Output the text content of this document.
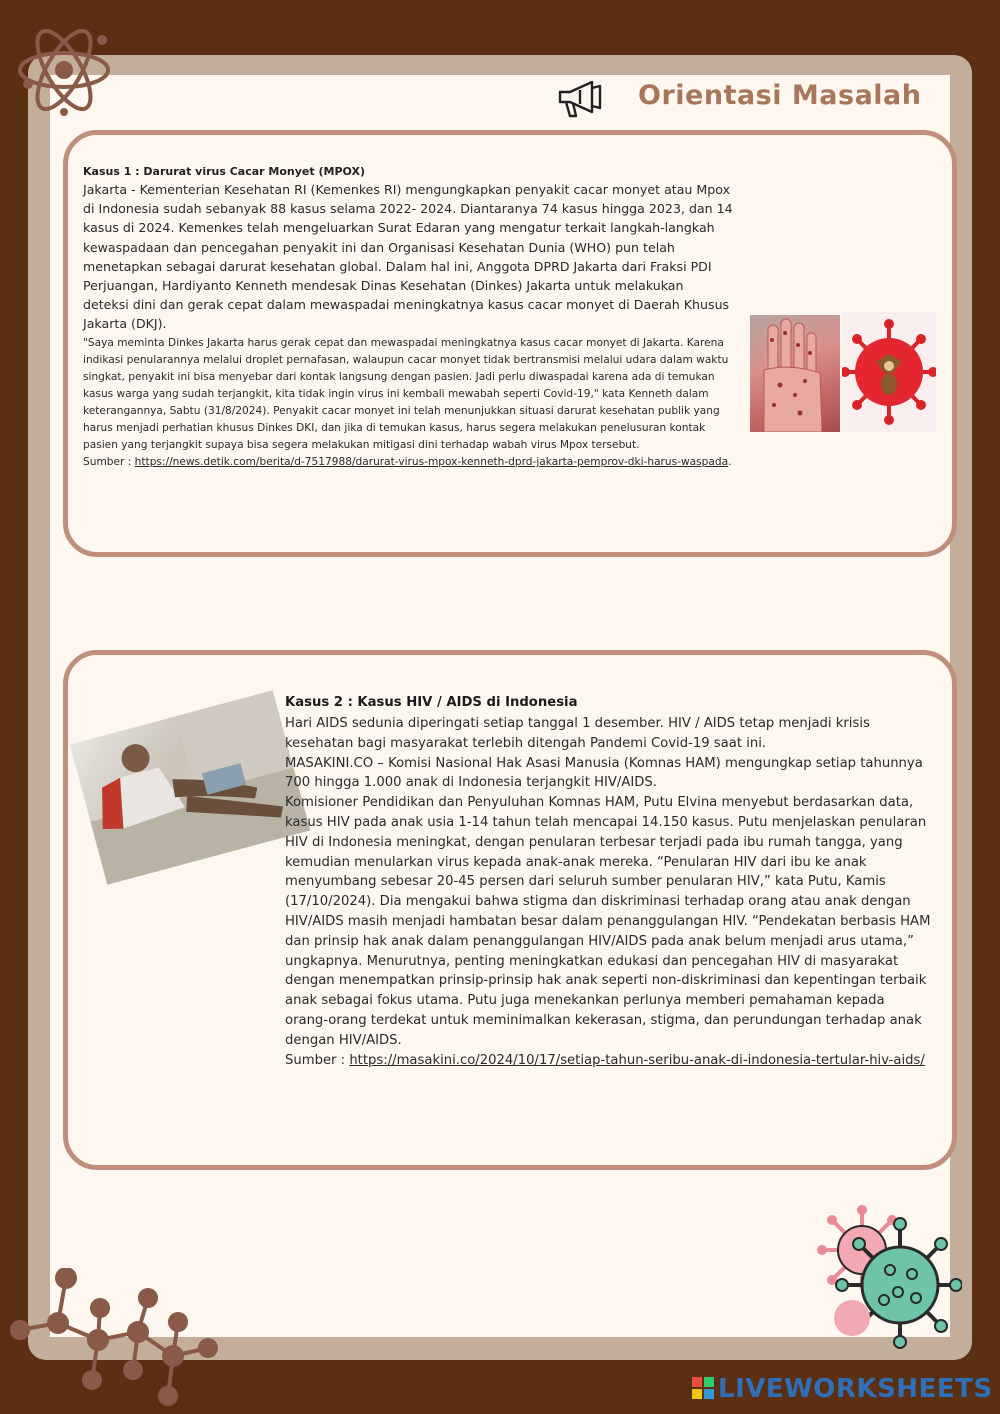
Orientasi Masalah
Kasus 1 : Darurat virus Cacar Monyet (MPOX)
Jakarta - Kementerian Kesehatan RI (Kemenkes RI) mengungkapkan penyakit cacar monyet atau Mpox di Indonesia sudah sebanyak 88 kasus selama 2022- 2024. Diantaranya 74 kasus hingga 2023, dan 14 kasus di 2024. Kemenkes telah mengeluarkan Surat Edaran yang mengatur terkait langkah-langkah kewaspadaan dan pencegahan penyakit ini dan Organisasi Kesehatan Dunia (WHO) pun telah menetapkan sebagai darurat kesehatan global. Dalam hal ini, Anggota DPRD Jakarta dari Fraksi PDI Perjuangan, Hardiyanto Kenneth mendesak Dinas Kesehatan (Dinkes) Jakarta untuk melakukan deteksi dini dan gerak cepat dalam mewaspadai meningkatnya kasus cacar monyet di Daerah Khusus Jakarta (DKJ).
"Saya meminta Dinkes Jakarta harus gerak cepat dan mewaspadai meningkatnya kasus cacar monyet di Jakarta. Karena indikasi penularannya melalui droplet pernafasan, walaupun cacar monyet tidak bertransmisi melalui udara dalam waktu singkat, penyakit ini bisa menyebar dari kontak langsung dengan pasien. Jadi perlu diwaspadai karena ada di temukan kasus warga yang sudah terjangkit, kita tidak ingin virus ini kembali mewabah seperti Covid-19," kata Kenneth dalam keterangannya, Sabtu (31/8/2024). Penyakit cacar monyet ini telah menunjukkan situasi darurat kesehatan publik yang harus menjadi perhatian khusus Dinkes DKI, dan jika di temukan kasus, harus segera melakukan penelusuran kontak pasien yang terjangkit supaya bisa segera melakukan mitigasi dini terhadap wabah virus Mpox tersebut.
Sumber : https://news.detik.com/berita/d-7517988/darurat-virus-mpox-kenneth-dprd-jakarta-pemprov-dki-harus-waspada.
Kasus 2 : Kasus HIV / AIDS di Indonesia

Hari AIDS sedunia diperingati setiap tanggal 1 desember. HIV / AIDS tetap menjadi krisis kesehatan bagi masyarakat terlebih ditengah Pandemi Covid-19 saat ini.

MASAKINI.CO – Komisi Nasional Hak Asasi Manusia (Komnas HAM) mengungkap setiap tahunnya 700 hingga 1.000 anak di Indonesia terjangkit HIV/AIDS.

Komisioner Pendidikan dan Penyuluhan Komnas HAM, Putu Elvina menyebut berdasarkan data, kasus HIV pada anak usia 1-14 tahun telah mencapai 14.150 kasus. Putu menjelaskan penularan HIV di Indonesia meningkat, dengan penularan terbesar terjadi pada ibu rumah tangga, yang kemudian menularkan virus kepada anak-anak mereka. “Penularan HIV dari ibu ke anak menyumbang sebesar 20-45 persen dari seluruh sumber penularan HIV,” kata Putu, Kamis (17/10/2024). Dia mengakui bahwa stigma dan diskriminasi terhadap orang atau anak dengan HIV/AIDS masih menjadi hambatan besar dalam penanggulangan HIV. “Pendekatan berbasis HAM dan prinsip hak anak dalam penanggulangan HIV/AIDS pada anak belum menjadi arus utama,” ungkapnya. Menurutnya, penting meningkatkan edukasi dan pencegahan HIV di masyarakat dengan menempatkan prinsip-prinsip hak anak seperti non-diskriminasi dan kepentingan terbaik anak sebagai fokus utama. Putu juga menekankan perlunya memberi pemahaman kepada orang-orang terdekat untuk meminimalkan kekerasan, stigma, dan perundungan terhadap anak dengan HIV/AIDS.

Sumber : https://masakini.co/2024/10/17/setiap-tahun-seribu-anak-di-indonesia-tertular-hiv-aids/

LIVEWORKSHEETS
